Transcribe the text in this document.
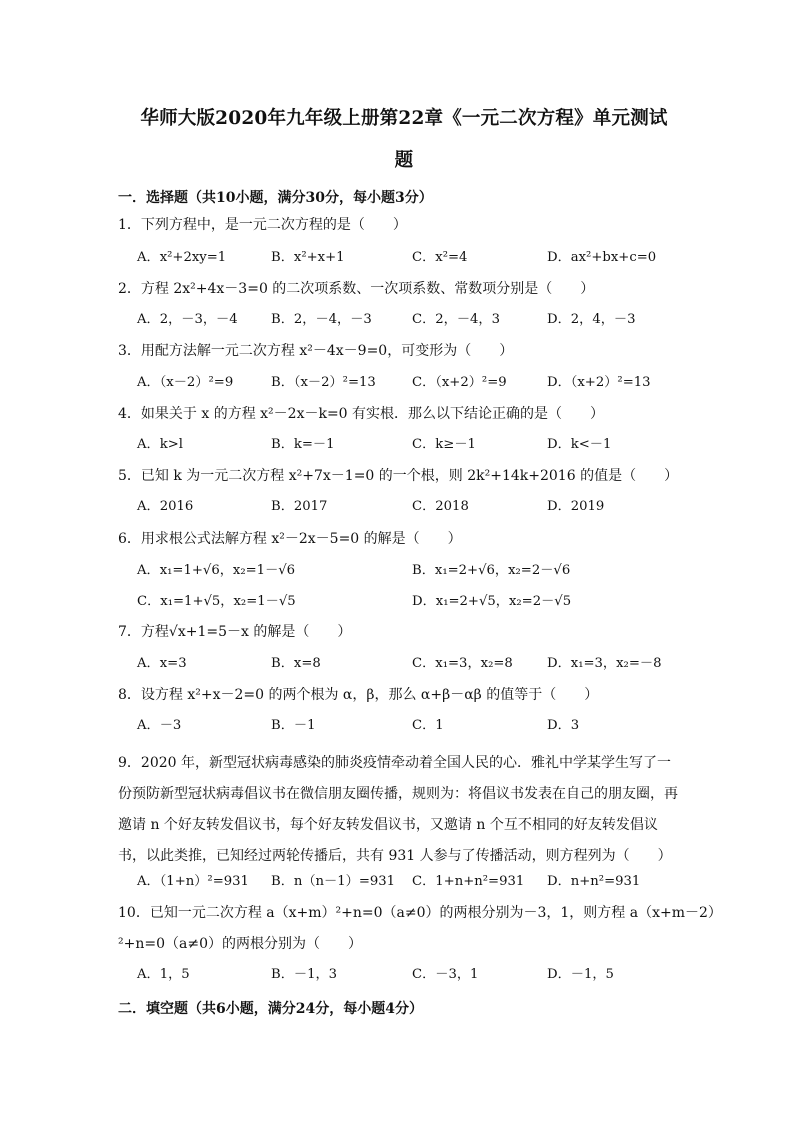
华师大版2020年九年级上册第22章《一元二次方程》单元测试
题
一．选择题（共10小题，满分30分，每小题3分）
1．下列方程中，是一元二次方程的是（　　）
A．x²+2xy=1	B．x²+x+1	C．x²=4	D．ax²+bx+c=0
2．方程 2x²+4x－3=0 的二次项系数、一次项系数、常数项分别是（　　）
A．2，－3，－4	B．2，－4，－3	C．2，－4，3	D．2，4，－3
3．用配方法解一元二次方程 x²－4x－9=0，可变形为（　　）
A．（x－2）²=9	B．（x－2）²=13	C．（x+2）²=9	D．（x+2）²=13
4．如果关于 x 的方程 x²－2x－k=0 有实根．那么以下结论正确的是（　　）
A．k>l	B．k=－1	C．k≥－1	D．k<－1
5．已知 k 为一元二次方程 x²+7x－1=0 的一个根，则 2k²+14k+2016 的值是（　　）
A．2016	B．2017	C．2018	D．2019
6．用求根公式法解方程 x²－2x－5=0 的解是（　　）
A．x₁=1+√6，x₂=1－√6	B．x₁=2+√6，x₂=2－√6
C．x₁=1+√5，x₂=1－√5	D．x₁=2+√5，x₂=2－√5
7．方程√x+1=5－x 的解是（　　）
A．x=3	B．x=8	C．x₁=3，x₂=8	D．x₁=3，x₂=－8
8．设方程 x²+x－2=0 的两个根为 α，β，那么 α+β－αβ 的值等于（　　）
A．－3	B．－1	C．1	D．3
9．2020 年，新型冠状病毒感染的肺炎疫情牵动着全国人民的心．雅礼中学某学生写了一份预防新型冠状病毒倡议书在微信朋友圈传播，规则为：将倡议书发表在自己的朋友圈，再邀请 n 个好友转发倡议书，每个好友转发倡议书，又邀请 n 个互不相同的好友转发倡议书，以此类推，已知经过两轮传播后，共有 931 人参与了传播活动，则方程列为（　　）
A．（1+n）²=931 B．n（n－1）=931 C．1+n+n²=931 D．n+n²=931
10．已知一元二次方程 a（x+m）²+n=0（a≠0）的两根分别为－3，1，则方程 a（x+m－2）
²+n=0（a≠0）的两根分别为（　　）
A．1，5	B．－1，3	C．－3，1	D．－1，5
二．填空题（共6小题，满分24分，每小题4分）
